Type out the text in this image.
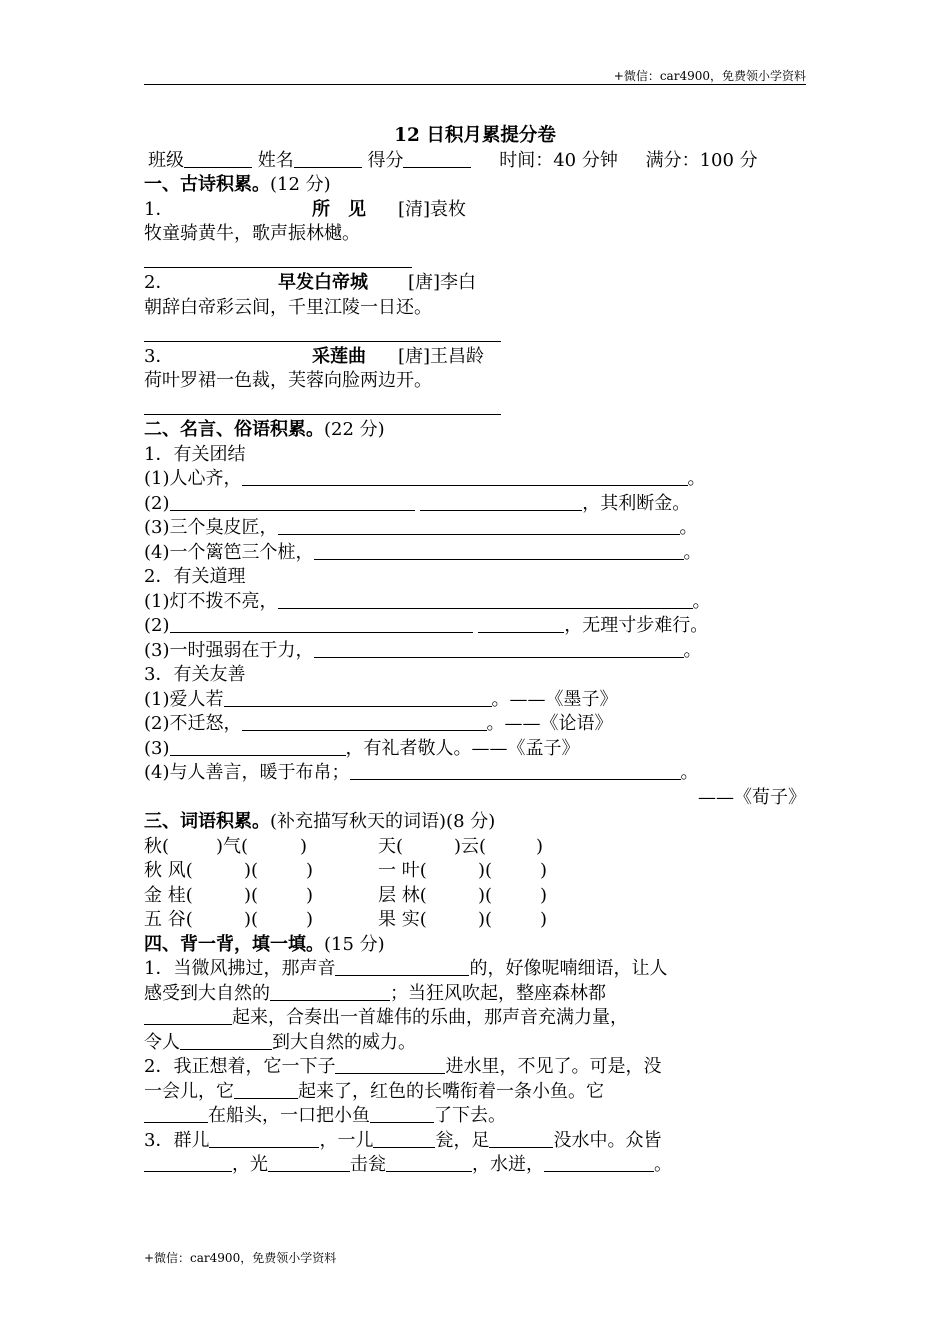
+微信：car4900，免费领小学资料
12 日积月累提分卷
班级	姓名	得分	时间：40 分钟 满分：100 分
一、古诗积累。(12 分)
1．	所　见 [清]袁枚
牧童骑黄牛，歌声振林樾。
2．	早发白帝城 [唐]李白
朝辞白帝彩云间，千里江陵一日还。
3．	采莲曲 [唐]王昌龄
荷叶罗裙一色裁，芙蓉向脸两边开。
二、名言、俗语积累。(22 分)
1．有关团结
(1)人心齐，	。
(2)	，其利断金。
(3)三个臭皮匠，	。
(4)一个篱笆三个桩，	。
2．有关道理
(1)灯不拨不亮，	。
(2)	，无理寸步难行。
(3)一时强弱在于力，	。
3．有关友善
(1)爱人若	。——《墨子》
(2)不迁怒，	。——《论语》
(3)	，有礼者敬人。——《孟子》
(4)与人善言，暖于布帛；	。
——《荀子》
三、词语积累。(补充描写秋天的词语)(8 分)
秋(	)气(	)	天(	)云(	)
秋 风(	)(	)	一 叶(	)(	)
金 桂(	)(	)	层 林(	)(	)
五 谷(	)(	)	果 实(	)(	)
四、背一背，填一填。(15 分)
1．当微风拂过，那声音	的，好像呢喃细语，让人
感受到大自然的	；当狂风吹起，整座森林都
起来，合奏出一首雄伟的乐曲，那声音充满力量，
令人	到大自然的威力。
2．我正想着，它一下子	进水里，不见了。可是，没
一会儿，它	起来了，红色的长嘴衔着一条小鱼。它
在船头，一口把小鱼	了下去。
3．群儿	，一儿	瓮，足	没水中。众皆
，光	击瓮	，水迸，	。
+微信：car4900，免费领小学资料
